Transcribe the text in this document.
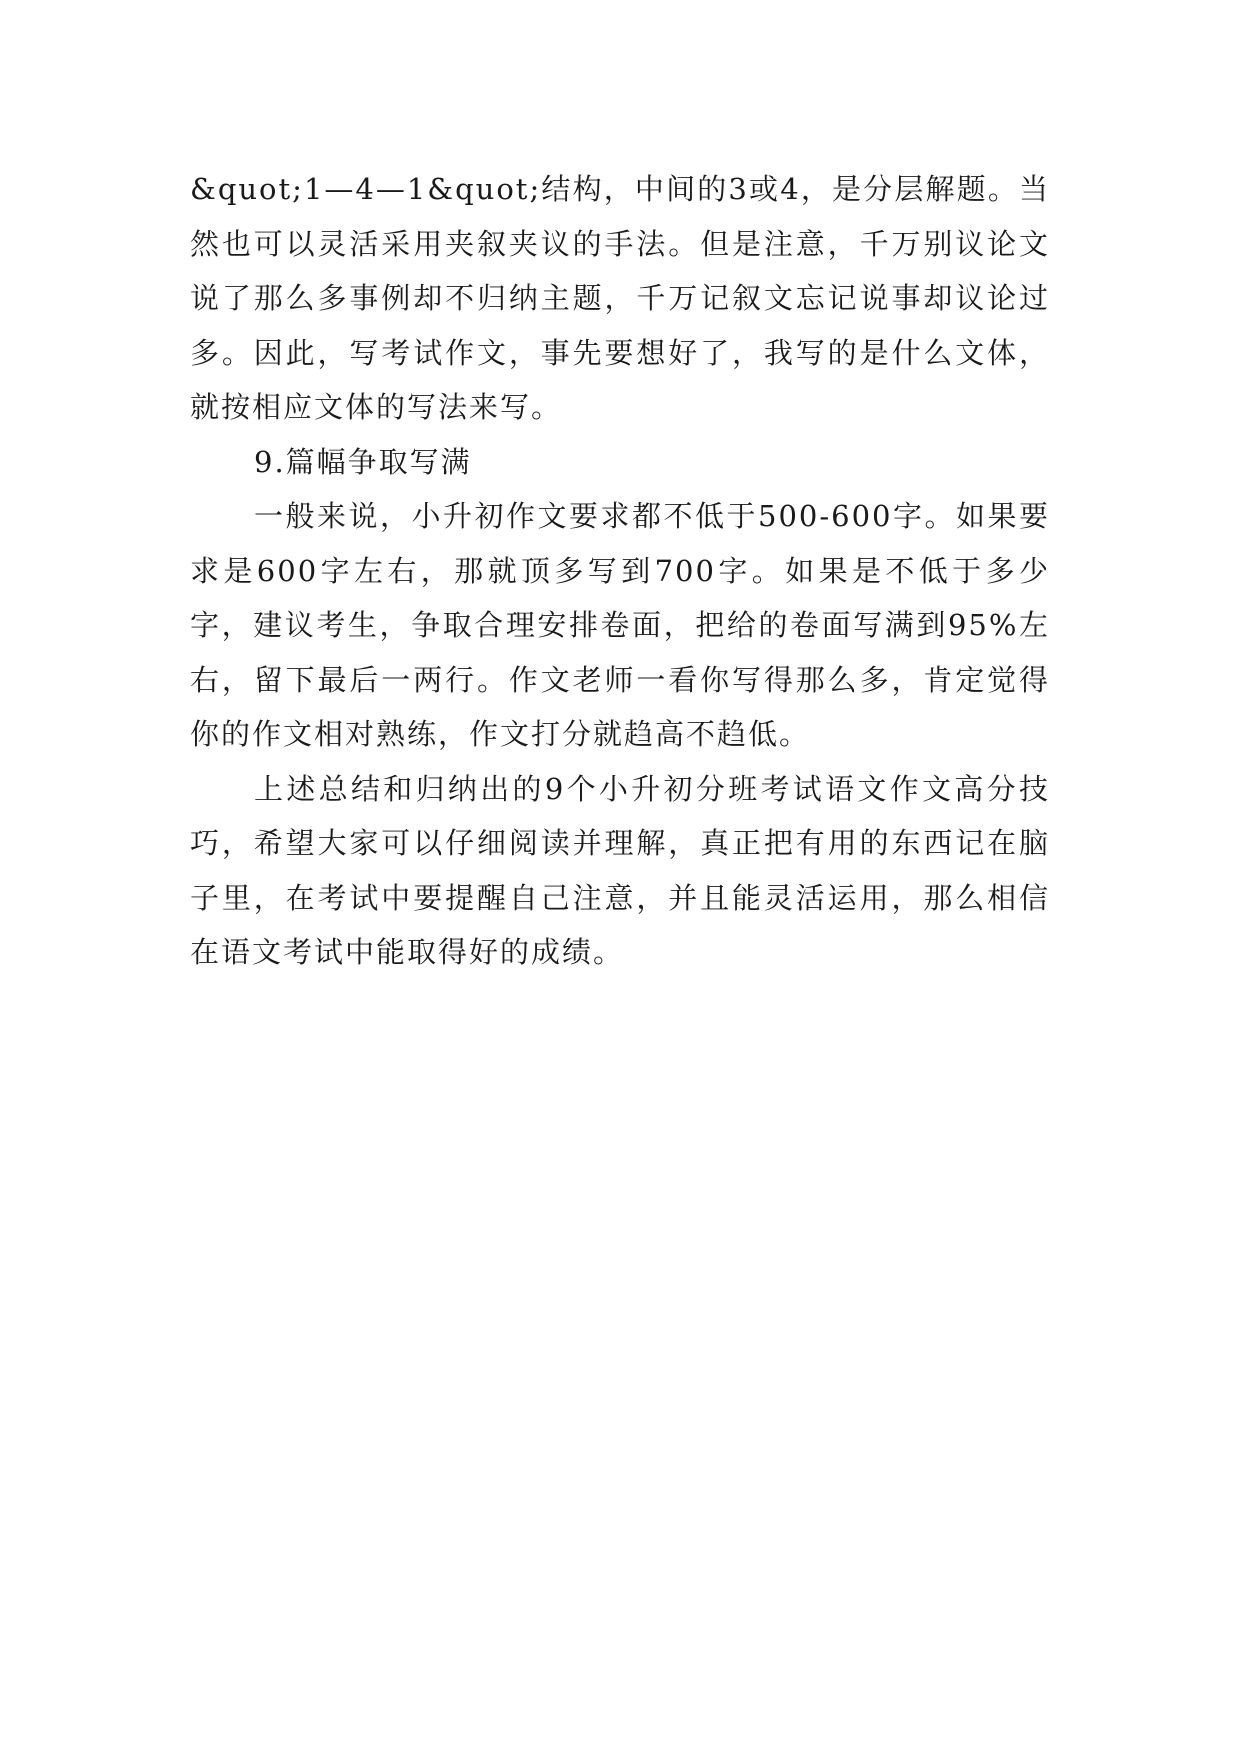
&quot;1—4—1&quot;结构，中间的3或4，是分层解题。当然也可以灵活采用夹叙夹议的手法。但是注意，千万别议论文说了那么多事例却不归纳主题，千万记叙文忘记说事却议论过多。因此，写考试作文，事先要想好了，我写的是什么文体，就按相应文体的写法来写。

9.篇幅争取写满

一般来说，小升初作文要求都不低于500-600字。如果要求是600字左右，那就顶多写到700字。如果是不低于多少字，建议考生，争取合理安排卷面，把给的卷面写满到95%左右，留下最后一两行。作文老师一看你写得那么多，肯定觉得你的作文相对熟练，作文打分就趋高不趋低。

上述总结和归纳出的9个小升初分班考试语文作文高分技巧，希望大家可以仔细阅读并理解，真正把有用的东西记在脑子里，在考试中要提醒自己注意，并且能灵活运用，那么相信在语文考试中能取得好的成绩。
